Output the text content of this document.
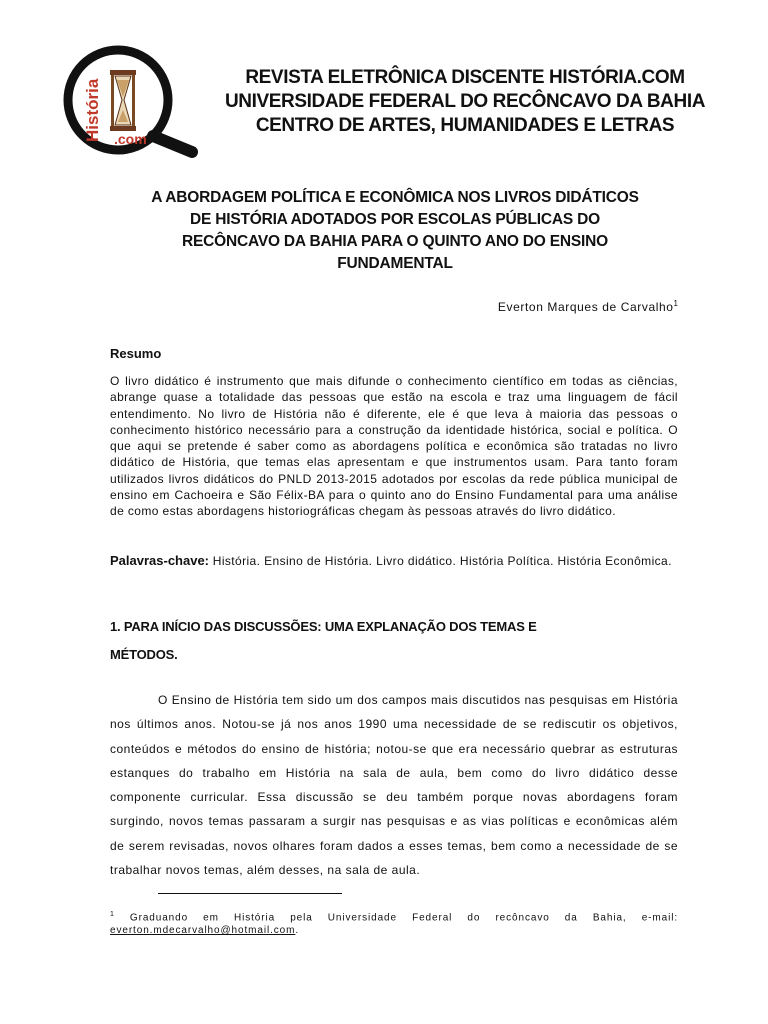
História .com
REVISTA ELETRÔNICA DISCENTE HISTÓRIA.COM
UNIVERSIDADE FEDERAL DO RECÔNCAVO DA BAHIA
CENTRO DE ARTES, HUMANIDADES E LETRAS
A ABORDAGEM POLÍTICA E ECONÔMICA NOS LIVROS DIDÁTICOS
DE HISTÓRIA ADOTADOS POR ESCOLAS PÚBLICAS DO
RECÔNCAVO DA BAHIA PARA O QUINTO ANO DO ENSINO
FUNDAMENTAL
Everton Marques de Carvalho$^1$
Resumo
O livro didático é instrumento que mais difunde o conhecimento científico em todas as ciências, abrange quase a totalidade das pessoas que estão na escola e traz uma linguagem de fácil entendimento. No livro de História não é diferente, ele é que leva à maioria das pessoas o conhecimento histórico necessário para a construção da identidade histórica, social e política. O que aqui se pretende é saber como as abordagens política e econômica são tratadas no livro didático de História, que temas elas apresentam e que instrumentos usam. Para tanto foram utilizados livros didáticos do PNLD 2013-2015 adotados por escolas da rede pública municipal de ensino em Cachoeira e São Félix-BA para o quinto ano do Ensino Fundamental para uma análise de como estas abordagens historiográficas chegam às pessoas através do livro didático.
Palavras-chave: História. Ensino de História. Livro didático. História Política. História Econômica.
1. PARA INÍCIO DAS DISCUSSÕES: UMA EXPLANAÇÃO DOS TEMAS E
MÉTODOS.
O Ensino de História tem sido um dos campos mais discutidos nas pesquisas em História nos últimos anos. Notou-se já nos anos 1990 uma necessidade de se rediscutir os objetivos, conteúdos e métodos do ensino de história; notou-se que era necessário quebrar as estruturas estanques do trabalho em História na sala de aula, bem como do livro didático desse componente curricular. Essa discussão se deu também porque novas abordagens foram surgindo, novos temas passaram a surgir nas pesquisas e as vias políticas e econômicas além de serem revisadas, novos olhares foram dados a esses temas, bem como a necessidade de se trabalhar novos temas, além desses, na sala de aula.
$^1$ Graduando em História pela Universidade Federal do recôncavo da Bahia, e-mail: everton.mdecarvalho@hotmail.com.
